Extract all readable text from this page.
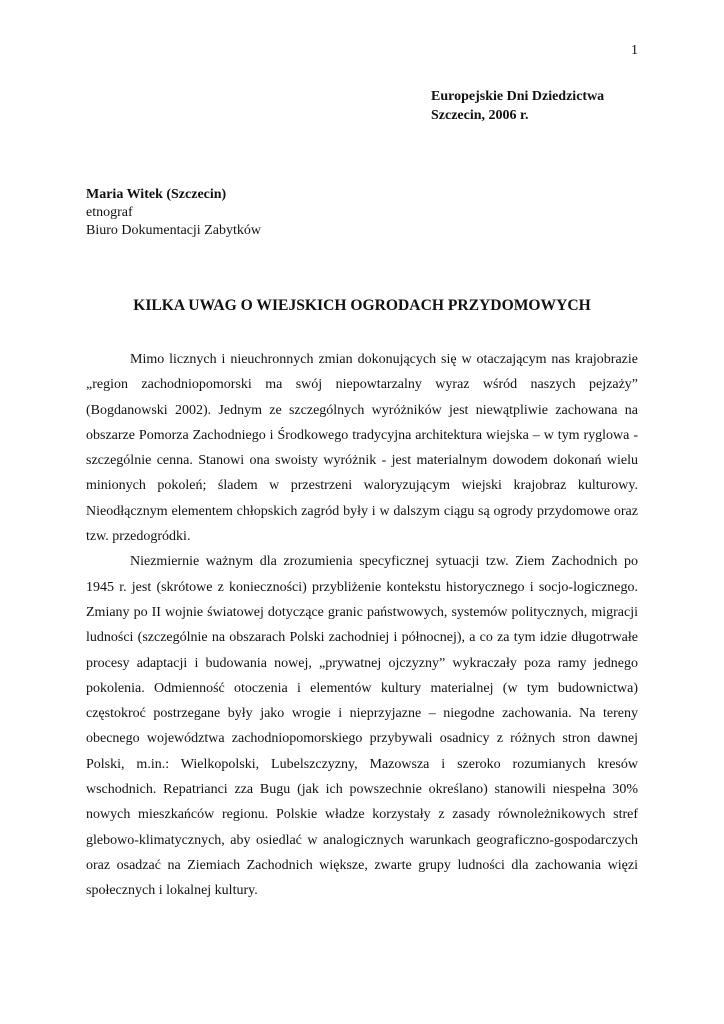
1
Europejskie Dni Dziedzictwa
Szczecin, 2006 r.
Maria Witek (Szczecin)
etnograf
Biuro Dokumentacji Zabytków
KILKA UWAG O WIEJSKICH OGRODACH PRZYDOMOWYCH

Mimo licznych i nieuchronnych zmian dokonujących się w otaczającym nas krajobrazie „region zachodniopomorski ma swój niepowtarzalny wyraz wśród naszych pejzaży” (Bogdanowski 2002). Jednym ze szczególnych wyróżników jest niewątpliwie zachowana na obszarze Pomorza Zachodniego i Środkowego tradycyjna architektura wiejska – w tym ryglowa - szczególnie cenna. Stanowi ona swoisty wyróżnik - jest materialnym dowodem dokonań wielu minionych pokoleń; śladem w przestrzeni waloryzującym wiejski krajobraz kulturowy. Nieodłącznym elementem chłopskich zagród były i w dalszym ciągu są ogrody przydomowe oraz tzw. przedogródki.

Niezmiernie ważnym dla zrozumienia specyficznej sytuacji tzw. Ziem Zachodnich po 1945 r. jest (skrótowe z konieczności) przybliżenie kontekstu historycznego i socjo-logicznego. Zmiany po II wojnie światowej dotyczące granic państwowych, systemów politycznych, migracji ludności (szczególnie na obszarach Polski zachodniej i północnej), a co za tym idzie długotrwałe procesy adaptacji i budowania nowej, „prywatnej ojczyzny” wykraczały poza ramy jednego pokolenia. Odmienność otoczenia i elementów kultury materialnej (w tym budownictwa) częstokroć postrzegane były jako wrogie i nieprzyjazne – niegodne zachowania. Na tereny obecnego województwa zachodniopomorskiego przybywali osadnicy z różnych stron dawnej Polski, m.in.: Wielkopolski, Lubelszczyzny, Mazowsza i szeroko rozumianych kresów wschodnich. Repatrianci zza Bugu (jak ich powszechnie określano) stanowili niespełna 30% nowych mieszkańców regionu. Polskie władze korzystały z zasady równoleżnikowych stref glebowo-klimatycznych, aby osiedlać w analogicznych warunkach geograficzno-gospodarczych oraz osadzać na Ziemiach Zachodnich większe, zwarte grupy ludności dla zachowania więzi społecznych i lokalnej kultury.
